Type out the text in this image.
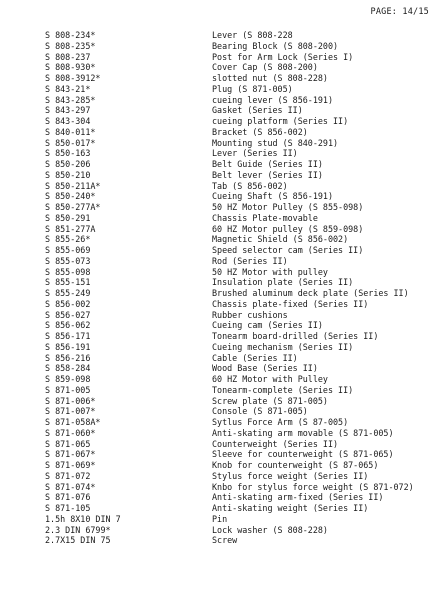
PAGE: 14/15
S 808-234*	Lever (S 808-228
S 808-235*	Bearing Block (S 808-200)
S 808-237	Post for Arm Lock (Series I)
S 808-930*	Cover Cap (S 808-200)
S 808-3912*	slotted nut (S 808-228)
S 843-21*	Plug (S 871-005)
S 843-285*	cueing lever (S 856-191)
S 843-297	Gasket (Series II)
S 843-304	cueing platform (Series II)
S 840-011*	Bracket (S 856-002)
S 850-017*	Mounting stud (S 840-291)
S 850-163	Lever (Series II)
S 850-206	Belt Guide (Series II)
S 850-210	Belt lever (Series II)
S 850-211A*	Tab (S 856-002)
S 850-240*	Cueing Shaft (S 856-191)
S 850-277A*	50 HZ Motor Pulley (S 855-098)
S 850-291	Chassis Plate-movable
S 851-277A	60 HZ Motor pulley (S 859-098)
S 855-26*	Magnetic Shield (S 856-002)
S 855-069	Speed selector cam (Series II)
S 855-073	Rod (Series II)
S 855-098	50 HZ Motor with pulley
S 855-151	Insulation plate (Series II)
S 855-249	Brushed aluminum deck plate (Series II)
S 856-002	Chassis plate-fixed (Series II)
S 856-027	Rubber cushions
S 856-062	Cueing cam (Series II)
S 856-171	Tonearm board-drilled (Series II)
S 856-191	Cueing mechanism (Series II)
S 856-216	Cable (Series II)
S 858-284	Wood Base (Series II)
S 859-098	60 HZ Motor with Pulley
S 871-005	Tonearm-complete (Series II)
S 871-006*	Screw plate (S 871-005)
S 871-007*	Console (S 871-005)
S 871-058A*	Sytlus Force Arm (S 87-005)
S 871-060*	Anti-skating arm movable (S 871-005)
S 871-065	Counterweight (Series II)
S 871-067*	Sleeve for counterweight (S 871-065)
S 871-069*	Knob for counterweight (S 87-065)
S 871-072	Stylus force weight (Series II)
S 871-074*	Knbo for stylus force weight (S 871-072)
S 871-076	Anti-skating arm-fixed (Series II)
S 871-105	Anti-skating weight (Series II)
1.5h 8X10 DIN 7	Pin
2.3 DIN 6799*	Lock washer (S 808-228)
2.7X15 DIN 75	Screw
